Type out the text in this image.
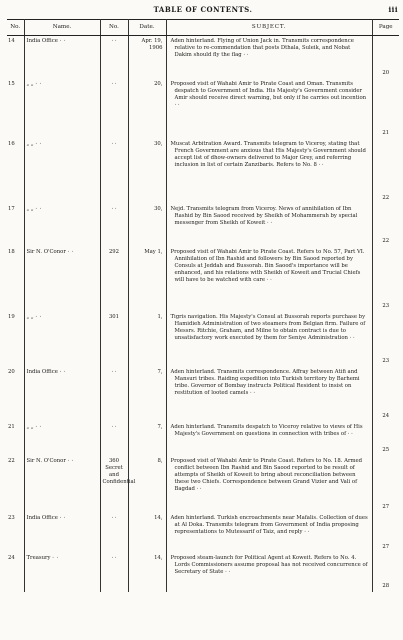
TABLE OF CONTENTS.	iii
No.	Name.	No.	Date.	SUBJECT.	Page
14	India Office · ·	· ·	Apr. 19, 1906	Aden hinterland. Flying of Union Jack in. Transmits correspondence relative to re-commendation that posts Dthala, Suleik, and Nobat Dakim should fly the flag · ·	20
15	„ „ · ·	· ·	20,	Proposed visit of Wahabi Amir to Pirate Coast and Oman. Transmits despatch to Government of India. His Majesty's Government consider Amir should receive direct warning, but only if he carries out incention · ·	21
16	„ „ · ·	· ·	30,	Muscat Arbitration Award. Transmits telegram to Viceroy, stating that French Government are anxious that His Majesty's Government should accept list of dhow-owners delivered to Major Grey, and referring inclusion in list of certain Zanzibaris. Refers to No. 8 · ·	22
17	„ „ · ·	· ·	30,	Nejd. Transmits telegram from Viceroy. News of annihilation of Ibn Rashid by Bin Saood received by Sheikh of Mohammerah by special messenger from Sheikh of Koweit · ·	22
18	Sir N. O'Conor · ·	292	May 1,	Proposed visit of Wahabi Amir to Pirate Coast. Refers to No. 57, Part VI. Annihilation of Ibn Rashid and followers by Bin Saood reported by Consuls at Jeddah and Bussorah. Bin Saood's importance will be enhanced, and his relations with Sheikh of Koweit and Trucial Chiefs will have to be watched with care · ·	23
19	„ „ · ·	301	1,	Tigris navigation. His Majesty's Consul at Bussorah reports purchase by Hamidieh Administration of two steamers from Belgian firm. Failure of Messrs. Ritchie, Graham, and Milne to obtain contract is due to unsatisfactory work executed by them for Seniye Administration · ·	23
20	India Office · ·	· ·	7,	Aden hinterland. Transmits correspondence. Affray between Atifi and Mansuri tribes. Raiding expedition into Turkish territory by Barhemi tribe. Governor of Bombay instructs Political Resident to insist on restitution of looted camels · ·	24
21	„ „ · ·	· ·	7,	Aden hinterland. Transmits despatch to Viceroy relative to views of His Majesty's Government on questions in connection with tribes of · ·	25
22	Sir N. O'Conor · ·	360 Secret and Confidential	8,	Proposed visit of Wahabi Amir to Pirate Coast. Refers to No. 18. Armed conflict between Ibn Rashid and Bin Saood reported to be result of attempts of Sheikh of Koweit to bring about reconciliation between these two Chiefs. Correspondence between Grand Vizier and Vali of Bagdad · ·	27
23	India Office · ·	· ·	14,	Aden hinterland. Turkish encroachments near Mafalis. Collection of dues at Al Doka. Transmits telegram from Government of India proposing representations to Mutessarif of Taiz, and reply · ·	27
24	Treasury · ·	· ·	14,	Proposed steam-launch for Political Agent at Koweit. Refers to No. 4. Lords Commissioners assume proposal has not received concurrence of Secretary of State · ·	28
